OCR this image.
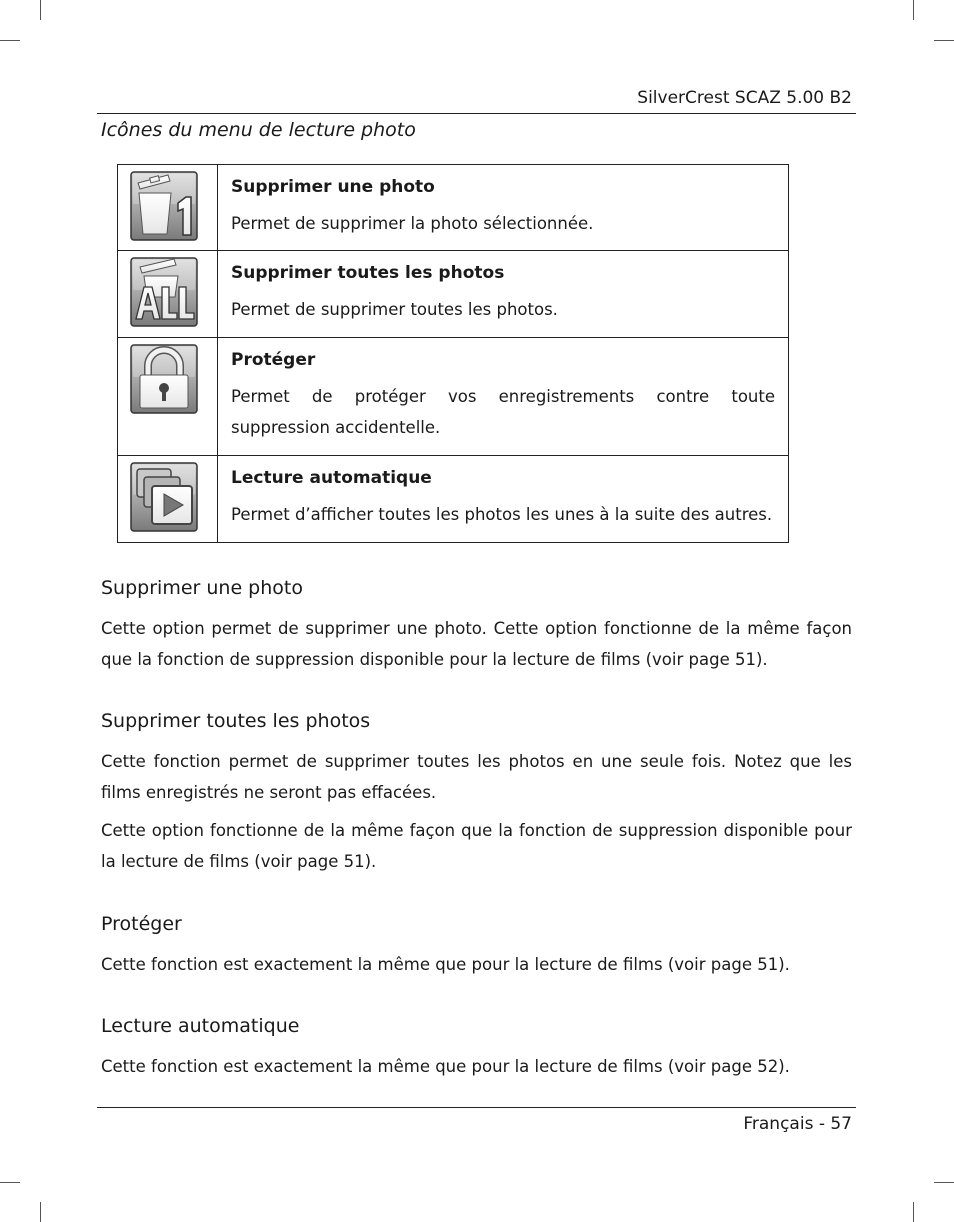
SilverCrest SCAZ 5.00 B2
Icônes du menu de lecture photo

Supprimer une photo

Permet de supprimer la photo sélectionnée.

Supprimer toutes les photos

Permet de supprimer toutes les photos.

Protéger

Permet de protéger vos enregistrements contre toute suppression accidentelle.

Lecture automatique

Permet d’afficher toutes les photos les unes à la suite des autres.

Supprimer une photo

Cette option permet de supprimer une photo. Cette option fonctionne de la même façon que la fonction de suppression disponible pour la lecture de films (voir page 51).

Supprimer toutes les photos

Cette fonction permet de supprimer toutes les photos en une seule fois. Notez que les films enregistrés ne seront pas effacées.

Cette option fonctionne de la même façon que la fonction de suppression disponible pour la lecture de films (voir page 51).

Protéger

Cette fonction est exactement la même que pour la lecture de films (voir page 51).

Lecture automatique

Cette fonction est exactement la même que pour la lecture de films (voir page 52).

Français - 57
